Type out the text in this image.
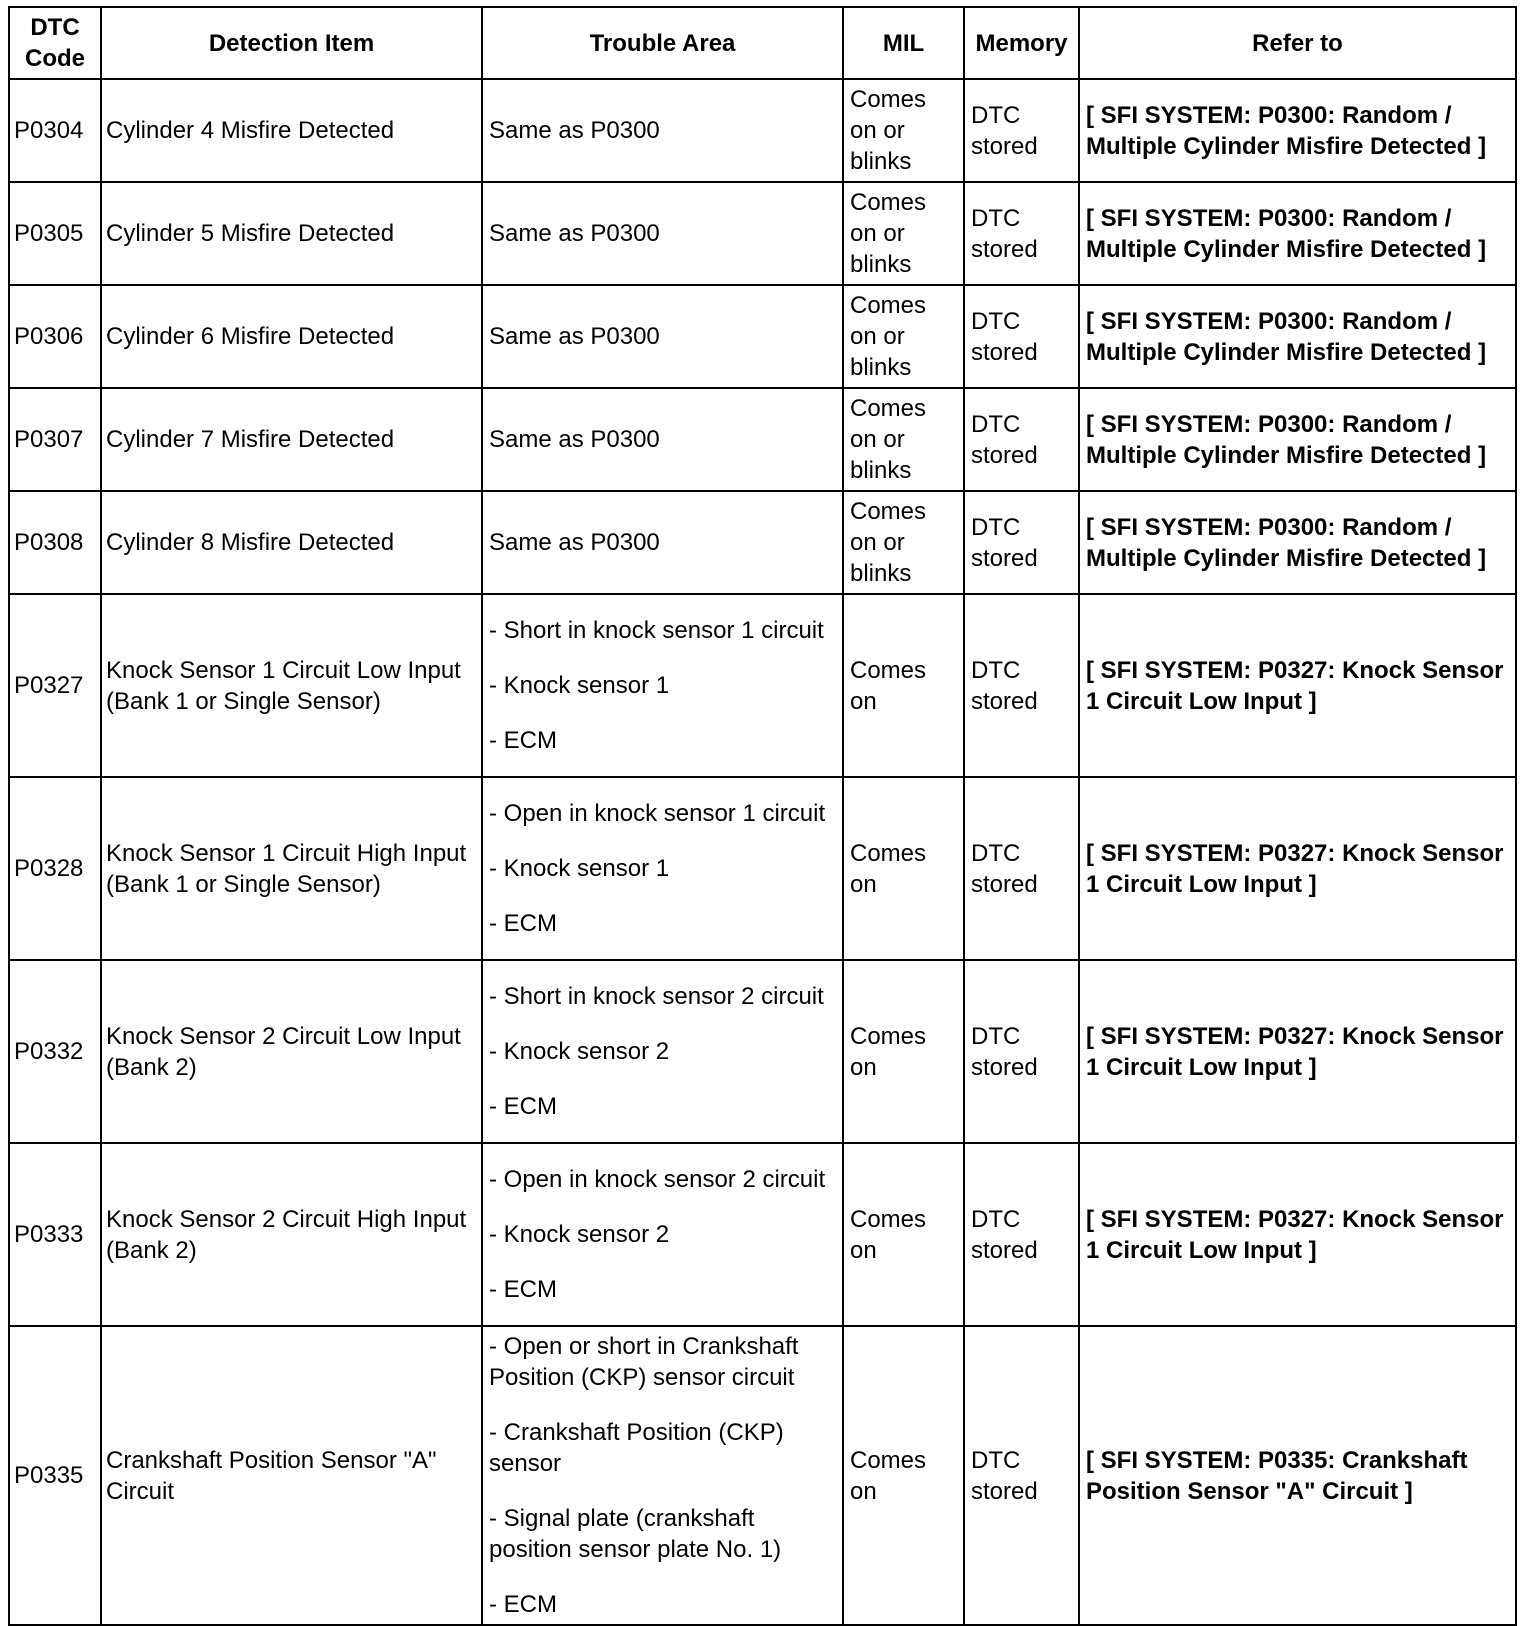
DTC Code	Detection Item	Trouble Area	MIL	Memory	Refer to
P0304	Cylinder 4 Misfire Detected	Same as P0300	Comes on or blinks	DTC stored	[ SFI SYSTEM: P0300: Random / Multiple Cylinder Misfire Detected ]
P0305	Cylinder 5 Misfire Detected	Same as P0300	Comes on or blinks	DTC stored	[ SFI SYSTEM: P0300: Random / Multiple Cylinder Misfire Detected ]
P0306	Cylinder 6 Misfire Detected	Same as P0300	Comes on or blinks	DTC stored	[ SFI SYSTEM: P0300: Random / Multiple Cylinder Misfire Detected ]
P0307	Cylinder 7 Misfire Detected	Same as P0300	Comes on or blinks	DTC stored	[ SFI SYSTEM: P0300: Random / Multiple Cylinder Misfire Detected ]
P0308	Cylinder 8 Misfire Detected	Same as P0300	Comes on or blinks	DTC stored	[ SFI SYSTEM: P0300: Random / Multiple Cylinder Misfire Detected ]
P0327	Knock Sensor 1 Circuit Low Input (Bank 1 or Single Sensor)	- Short in knock sensor 1 circuit

- Knock sensor 1

- ECM	Comes on	DTC stored	[ SFI SYSTEM: P0327: Knock Sensor 1 Circuit Low Input ]
P0328	Knock Sensor 1 Circuit High Input (Bank 1 or Single Sensor)	- Open in knock sensor 1 circuit

- Knock sensor 1

- ECM	Comes on	DTC stored	[ SFI SYSTEM: P0327: Knock Sensor 1 Circuit Low Input ]
P0332	Knock Sensor 2 Circuit Low Input (Bank 2)	- Short in knock sensor 2 circuit

- Knock sensor 2

- ECM	Comes on	DTC stored	[ SFI SYSTEM: P0327: Knock Sensor 1 Circuit Low Input ]
P0333	Knock Sensor 2 Circuit High Input (Bank 2)	- Open in knock sensor 2 circuit

- Knock sensor 2

- ECM	Comes on	DTC stored	[ SFI SYSTEM: P0327: Knock Sensor 1 Circuit Low Input ]
P0335	Crankshaft Position Sensor "A" Circuit	- Open or short in Crankshaft Position (CKP) sensor circuit

- Crankshaft Position (CKP) sensor

- Signal plate (crankshaft position sensor plate No. 1)

- ECM	Comes on	DTC stored	[ SFI SYSTEM: P0335: Crankshaft Position Sensor "A" Circuit ]
